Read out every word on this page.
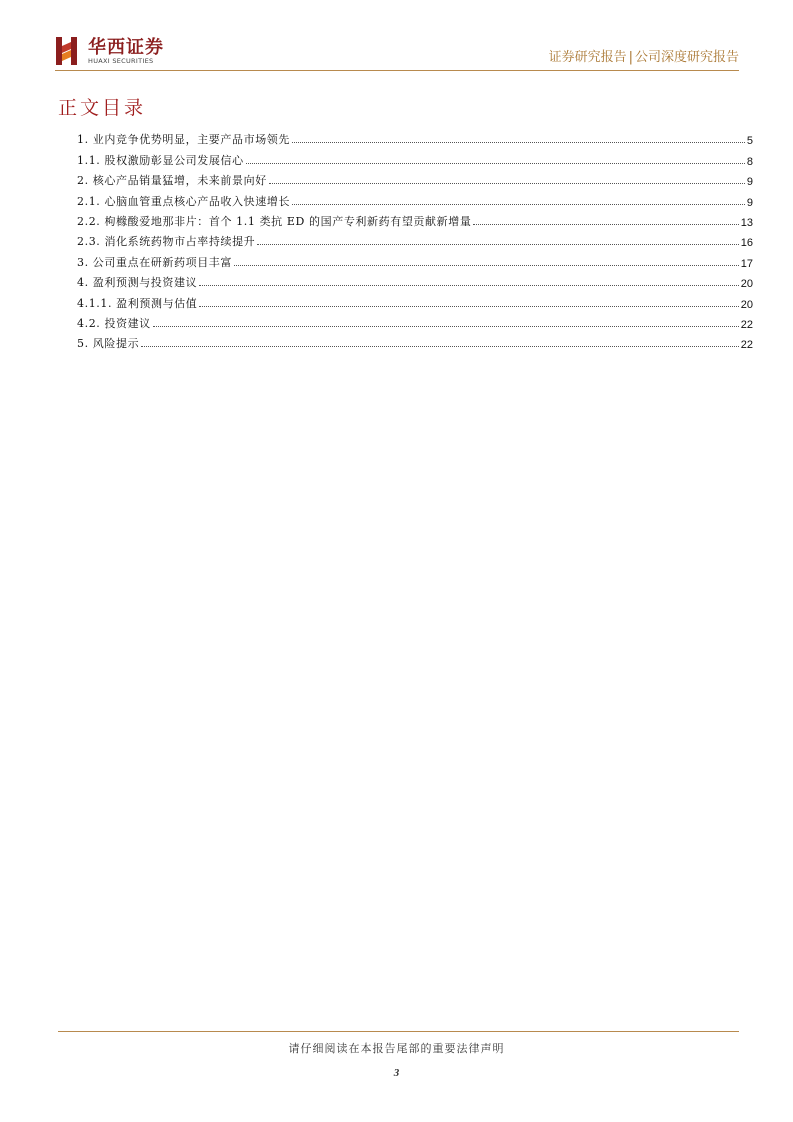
华西证券
HUAXI SECURITIES	证券研究报告 | 公司深度研究报告
正文目录
1. 业内竞争优势明显，主要产品市场领先	5
1.1. 股权激励彰显公司发展信心	8
2. 核心产品销量猛增，未来前景向好	9
2.1. 心脑血管重点核心产品收入快速增长	9
2.2. 枸橼酸爱地那非片：首个 1.1 类抗 ED 的国产专利新药有望贡献新增量	13
2.3. 消化系统药物市占率持续提升	16
3. 公司重点在研新药项目丰富	17
4. 盈利预测与投资建议	20
4.1.1. 盈利预测与估值	20
4.2. 投资建议	22
5. 风险提示	22
请仔细阅读在本报告尾部的重要法律声明
3
